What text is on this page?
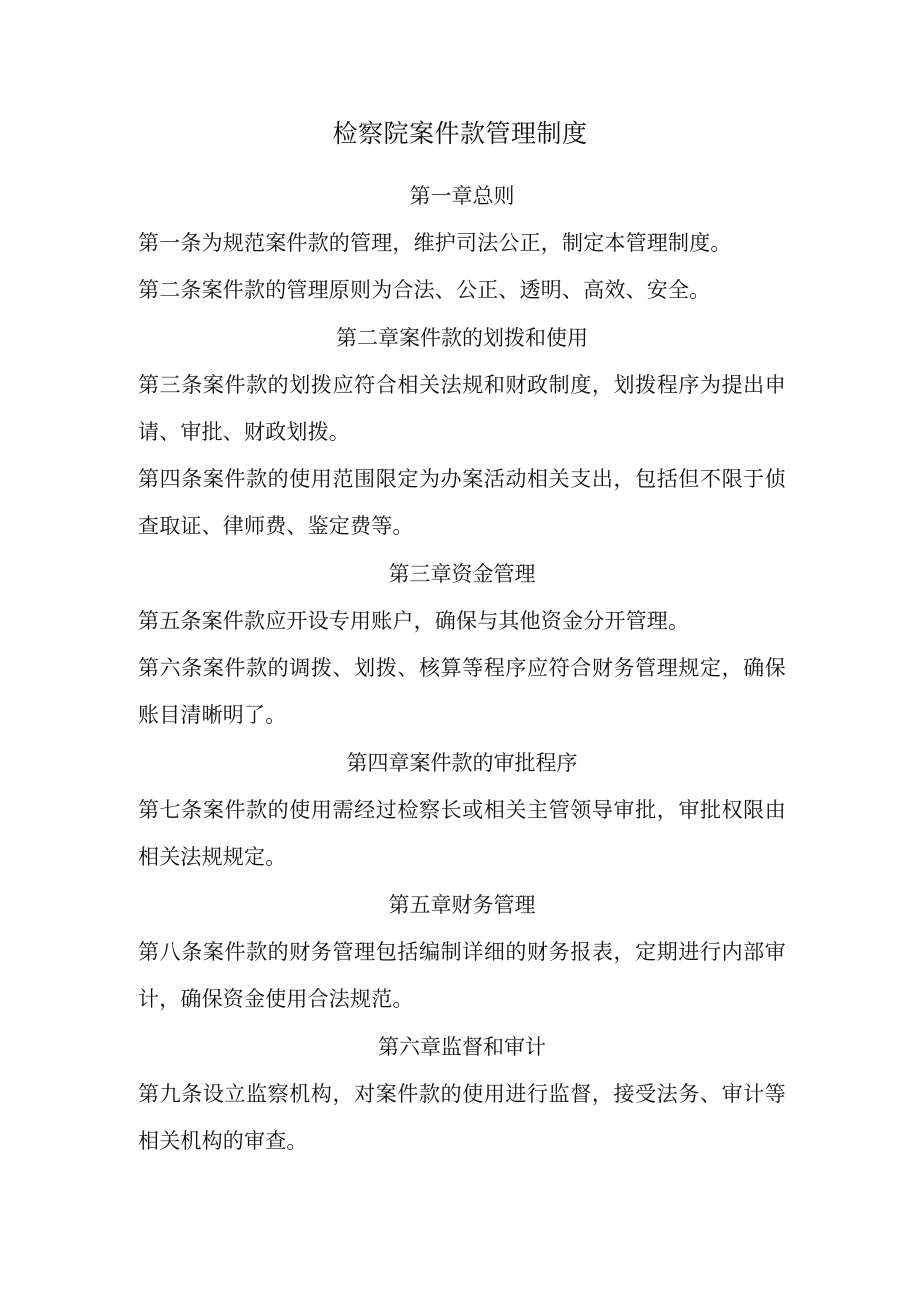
检察院案件款管理制度
第一章总则

第一条为规范案件款的管理，维护司法公正，制定本管理制度。

第二条案件款的管理原则为合法、公正、透明、高效、安全。

第二章案件款的划拨和使用

第三条案件款的划拨应符合相关法规和财政制度，划拨程序为提出申请、审批、财政划拨。

第四条案件款的使用范围限定为办案活动相关支出，包括但不限于侦查取证、律师费、鉴定费等。

第三章资金管理

第五条案件款应开设专用账户，确保与其他资金分开管理。

第六条案件款的调拨、划拨、核算等程序应符合财务管理规定，确保账目清晰明了。

第四章案件款的审批程序

第七条案件款的使用需经过检察长或相关主管领导审批，审批权限由相关法规规定。

第五章财务管理

第八条案件款的财务管理包括编制详细的财务报表，定期进行内部审计，确保资金使用合法规范。

第六章监督和审计

第九条设立监察机构，对案件款的使用进行监督，接受法务、审计等相关机构的审查。
